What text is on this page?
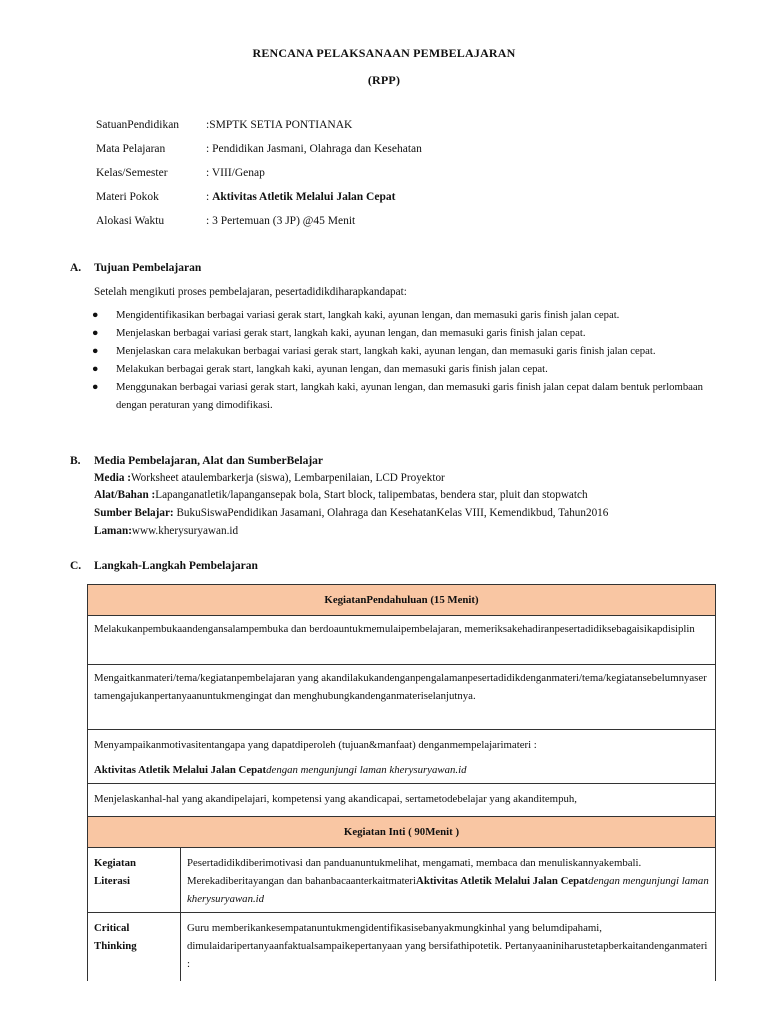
RENCANA PELAKSANAAN PEMBELAJARAN
(RPP)
SatuanPendidikan	:SMPTK SETIA PONTIANAK
Mata Pelajaran	: Pendidikan Jasmani, Olahraga dan Kesehatan
Kelas/Semester	: VIII/Genap
Materi Pokok	: Aktivitas Atletik Melalui Jalan Cepat
Alokasi Waktu	: 3 Pertemuan (3 JP) @45 Menit
A. Tujuan Pembelajaran
Setelah mengikuti proses pembelajaran, pesertadidikdiharapkandapat:
● Mengidentifikasikan berbagai variasi gerak start, langkah kaki, ayunan lengan, dan memasuki garis finish jalan cepat.
● Menjelaskan berbagai variasi gerak start, langkah kaki, ayunan lengan, dan memasuki garis finish jalan cepat.
● Menjelaskan cara melakukan berbagai variasi gerak start, langkah kaki, ayunan lengan, dan memasuki garis finish jalan cepat.
● Melakukan berbagai gerak start, langkah kaki, ayunan lengan, dan memasuki garis finish jalan cepat.
● Menggunakan berbagai variasi gerak start, langkah kaki, ayunan lengan, dan memasuki garis finish jalan cepat dalam bentuk perlombaan dengan peraturan yang dimodifikasi.
B. Media Pembelajaran, Alat dan SumberBelajar
Media :Worksheet ataulembarkerja (siswa), Lembarpenilaian, LCD Proyektor
Alat/Bahan :Lapanganatletik/lapangansepak bola, Start block, talipembatas, bendera star, pluit dan stopwatch
Sumber Belajar: BukuSiswaPendidikan Jasamani, Olahraga dan KesehatanKelas VIII, Kemendikbud, Tahun2016
Laman:www.kherysuryawan.id
C. Langkah-Langkah Pembelajaran
KegiatanPendahuluan (15 Menit)	
Melakukanpembukaandengansalampembuka dan berdoauntukmemulaipembelajaran, memeriksakehadiranpesertadidiksebagaisikapdisiplin	
Mengaitkanmateri/tema/kegiatanpembelajaran yang akandilakukandenganpengalamanpesertadidikdenganmateri/tema/kegiatansebelumnyasertamengajukanpertanyaanuntukmengingat dan menghubungkandenganmateriselanjutnya.	

Menyampaikanmotivasitentangapa yang dapatdiperoleh (tujuan&manfaat) denganmempelajarimateri :
Aktivitas Atletik Melalui Jalan Cepatdengan mengunjungi laman kherysuryawan.id	

Menjelaskanhal-hal yang akandipelajari, kompetensi yang akandicapai, sertametodebelajar yang akanditempuh,	
Kegiatan Inti ( 90Menit )	
Kegiatan Literasi	Pesertadidikdiberimotivasi dan panduanuntukmelihat, mengamati, membaca dan menuliskannyakembali. Merekadiberitayangan dan bahanbacaanterkaitmateriAktivitas Atletik Melalui Jalan Cepatdengan mengunjungi laman kherysuryawan.id
Critical Thinking	Guru memberikankesempatanuntukmengidentifikasisebanyakmungkinhal yang belumdipahami, dimulaidaripertanyaanfaktualsampaikepertanyaan yang bersifathipotetik. Pertanyaaniniharustetapberkaitandenganmateri :
